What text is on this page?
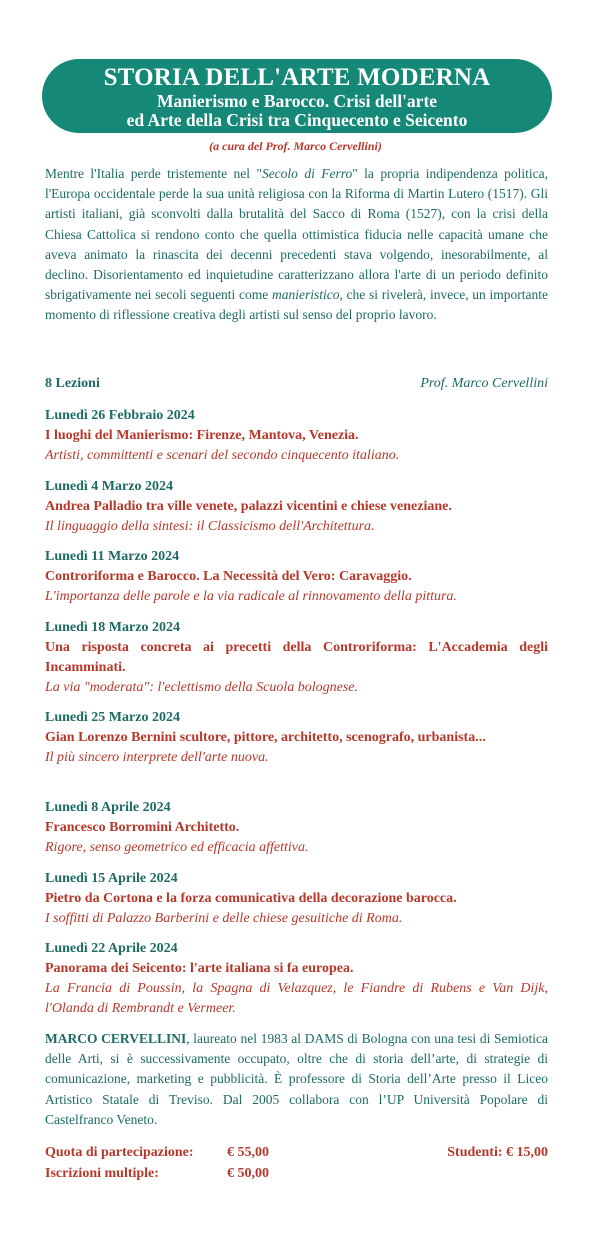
STORIA DELL'ARTE MODERNA
Manierismo e Barocco. Crisi dell'arte
ed Arte della Crisi tra Cinquecento e Seicento
(a cura del Prof. Marco Cervellini)
Mentre l'Italia perde tristemente nel "Secolo di Ferro" la propria indipendenza politica, l'Europa occidentale perde la sua unità religiosa con la Riforma di Martin Lutero (1517). Gli artisti italiani, già sconvolti dalla brutalità del Sacco di Roma (1527), con la crisi della Chiesa Cattolica si rendono conto che quella ottimistica fiducia nelle capacità umane che aveva animato la rinascita dei decenni precedenti stava volgendo, inesorabilmente, al declino. Disorientamento ed inquietudine caratterizzano allora l'arte di un periodo definito sbrigativamente nei secoli seguenti come manieristico, che si rivelerà, invece, un importante momento di riflessione creativa degli artisti sul senso del proprio lavoro.
8 Lezioni	Prof. Marco Cervellini
Lunedì 26 Febbraio 2024
I luoghi del Manierismo: Firenze, Mantova, Venezia.
Artisti, committenti e scenari del secondo cinquecento italiano.
Lunedì 4 Marzo 2024
Andrea Palladio tra ville venete, palazzi vicentini e chiese veneziane.
Il linguaggio della sintesi: il Classicismo dell'Architettura.
Lunedì 11 Marzo 2024
Controriforma e Barocco. La Necessità del Vero: Caravaggio.
L'importanza delle parole e la via radicale al rinnovamento della pittura.
Lunedì 18 Marzo 2024
Una risposta concreta ai precetti della Controriforma: L'Accademia degli Incamminati.
La via "moderata": l'eclettismo della Scuola bolognese.
Lunedì 25 Marzo 2024
Gian Lorenzo Bernini scultore, pittore, architetto, scenografo, urbanista...
Il più sincero interprete dell'arte nuova.
Lunedì 8 Aprile 2024
Francesco Borromini Architetto.
Rigore, senso geometrico ed efficacia affettiva.
Lunedì 15 Aprile 2024
Pietro da Cortona e la forza comunicativa della decorazione barocca.
I soffitti di Palazzo Barberini e delle chiese gesuitiche di Roma.
Lunedì 22 Aprile 2024
Panorama dei Seicento: l'arte italiana si fa europea.
La Francia di Poussin, la Spagna di Velazquez, le Fiandre di Rubens e Van Dijk, l'Olanda di Rembrandt e Vermeer.
MARCO CERVELLINI, laureato nel 1983 al DAMS di Bologna con una tesi di Semiotica delle Arti, si è successivamente occupato, oltre che di storia dell’arte, di strategie di comunicazione, marketing e pubblicità. È professore di Storia dell’Arte presso il Liceo Artistico Statale di Treviso. Dal 2005 collabora con l’UP Università Popolare di Castelfranco Veneto.
Quota di partecipazione: € 55,00
Iscrizioni multiple:	€ 50,00
Studenti: € 15,00
